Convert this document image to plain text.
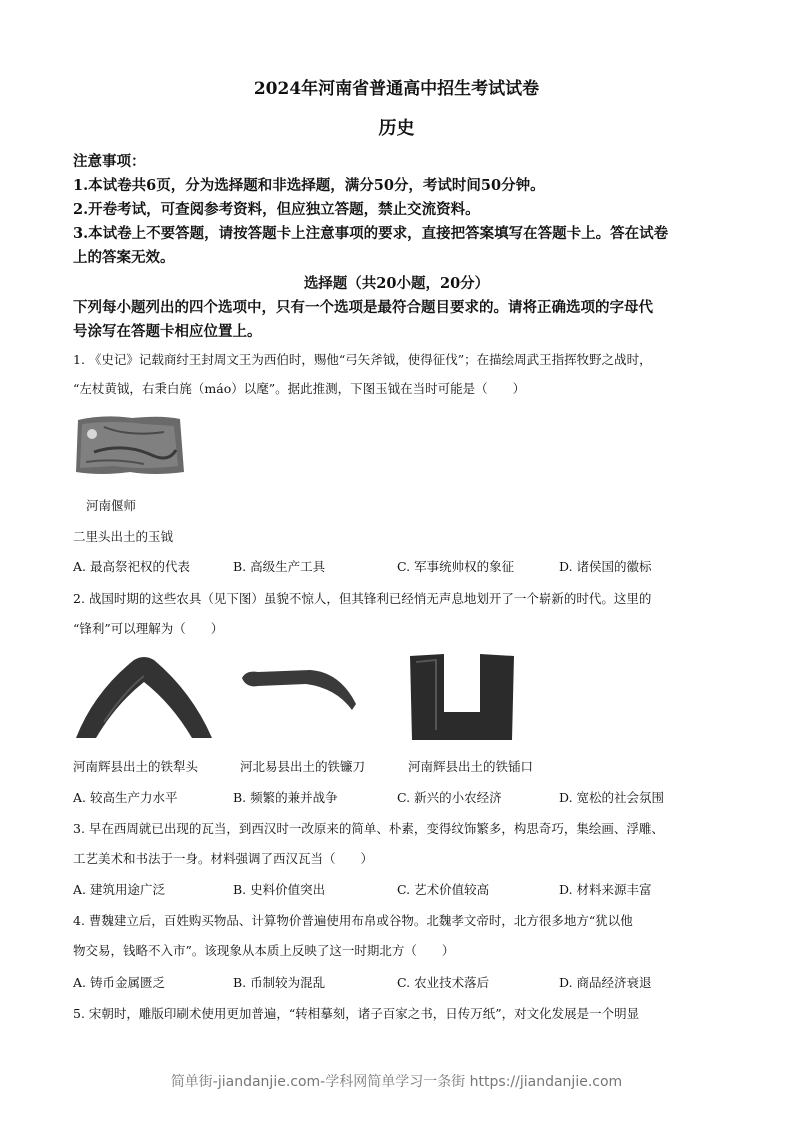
2024年河南省普通高中招生考试试卷
历史
注意事项：
1.本试卷共6页，分为选择题和非选择题，满分50分，考试时间50分钟。
2.开卷考试，可查阅参考资料，但应独立答题，禁止交流资料。
3.本试卷上不要答题，请按答题卡上注意事项的要求，直接把答案填写在答题卡上。答在试卷
上的答案无效。
选择题（共20小题，20分）
下列每小题列出的四个选项中，只有一个选项是最符合题目要求的。请将正确选项的字母代
号涂写在答题卡相应位置上。
1. 《史记》记载商纣王封周文王为西伯时，赐他“弓矢斧钺，使得征伐”；在描绘周武王指挥牧野之战时，
“左杖黄钺，右秉白旄（máo）以麾”。据此推测，下图玉钺在当时可能是（　　）
河南偃师
二里头出土的玉钺
A. 最高祭祀权的代表	B. 高级生产工具	C. 军事统帅权的象征	D. 诸侯国的徽标
2. 战国时期的这些农具（见下图）虽貌不惊人，但其锋利已经悄无声息地划开了一个崭新的时代。这里的
“锋利”可以理解为（　　）
河南辉县出土的铁犁头	河北易县出土的铁镰刀	河南辉县出土的铁锸口
A. 较高生产力水平	B. 频繁的兼并战争	C. 新兴的小农经济	D. 宽松的社会氛围
3. 早在西周就已出现的瓦当，到西汉时一改原来的简单、朴素，变得纹饰繁多，构思奇巧，集绘画、浮雕、
工艺美术和书法于一身。材料强调了西汉瓦当（　　）
A. 建筑用途广泛	B. 史料价值突出	C. 艺术价值较高	D. 材料来源丰富
4. 曹魏建立后，百姓购买物品、计算物价普遍使用布帛或谷物。北魏孝文帝时，北方很多地方“犹以他
物交易，钱略不入市”。该现象从本质上反映了这一时期北方（　　）
A. 铸币金属匮乏	B. 币制较为混乱	C. 农业技术落后	D. 商品经济衰退
5. 宋朝时，雕版印刷术使用更加普遍，“转相摹刻，诸子百家之书，日传万纸”，对文化发展是一个明显
简单街-jiandanjie.com-学科网简单学习一条街 https://jiandanjie.com
